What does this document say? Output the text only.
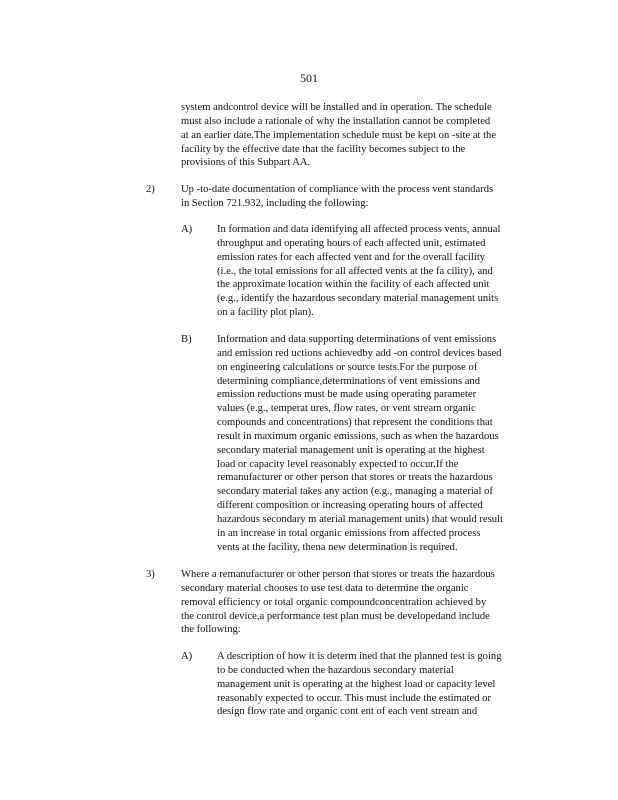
501
system andcontrol device will be installed and in operation. The schedule
must also include a rationale of why the installation cannot be completed
at an earlier date.The implementation schedule must be kept on -site at the
facility by the effective date that the facility becomes subject to the
provisions of this Subpart AA.
2) Up -to-date documentation of compliance with the process vent standards
in Section 721.932, including the following:
A) In formation and data identifying all affected process vents, annual
throughput and operating hours of each affected unit, estimated
emission rates for each affected vent and for the overall facility
(i.e., the total emissions for all affected vents at the fa cility), and
the approximate location within the facility of each affected unit
(e.g., identify the hazardous secondary material management units
on a facility plot plan).
B) Information and data supporting determinations of vent emissions
and emission red uctions achievedby add -on control devices based
on engineering calculations or source tests.For the purpose of
determining compliance,determinations of vent emissions and
emission reductions must be made using operating parameter
values (e.g., temperat ures, flow rates, or vent stream organic
compounds and concentrations) that represent the conditions that
result in maximum organic emissions, such as when the hazardous
secondary material management unit is operating at the highest
load or capacity level reasonably expected to occur.If the
remanufacturer or other person that stores or treats the hazardous
secondary material takes any action (e.g., managing a material of
different composition or increasing operating hours of affected
hazardous secondary m aterial management units) that would result
in an increase in total organic emissions from affected process
vents at the facility, thena new determination is required.
3) Where a remanufacturer or other person that stores or treats the hazardous
secondary material chooses to use test data to determine the organic
removal efficiency or total organic compoundconcentration achieved by
the control device,a performance test plan must be developedand include
the following:
A) A description of how it is determ ined that the planned test is going
to be conducted when the hazardous secondary material
management unit is operating at the highest load or capacity level
reasonably expected to occur. This must include the estimated or
design flow rate and organic cont ent of each vent stream and
